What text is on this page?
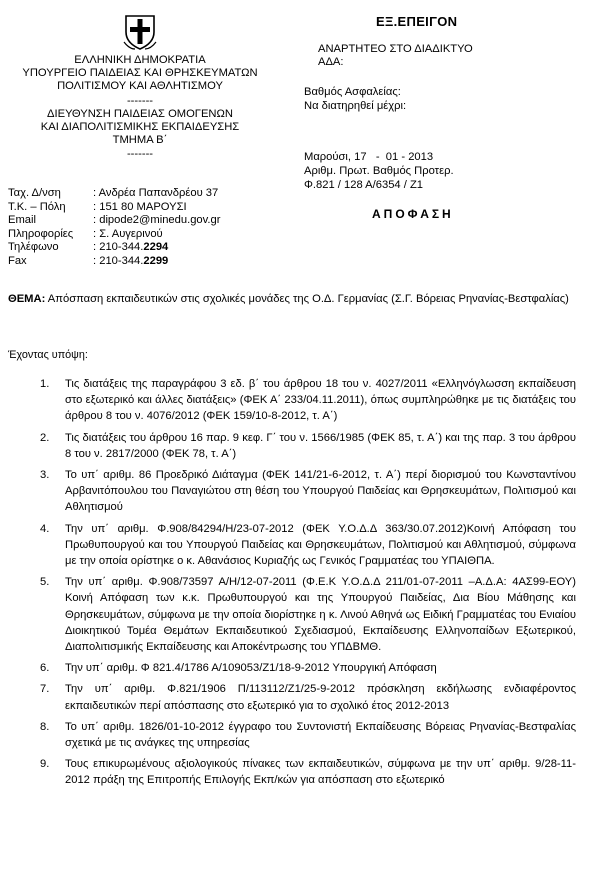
ΕΛΛΗΝΙΚΗ ΔΗΜΟΚΡΑΤΙΑ
ΥΠΟΥΡΓΕΙΟ ΠΑΙΔΕΙΑΣ ΚΑΙ ΘΡΗΣΚΕΥΜΑΤΩΝ
ΠΟΛΙΤΙΣΜΟΥ ΚΑΙ ΑΘΛΗΤΙΣΜΟΥ
-------
ΔΙΕΥΘΥΝΣΗ ΠΑΙΔΕΙΑΣ ΟΜΟΓΕΝΩΝ
ΚΑΙ ΔΙΑΠΟΛΙΤΙΣΜΙΚΗΣ ΕΚΠΑΙΔΕΥΣΗΣ
ΤΜΗΜΑ Β΄
-------
ΕΞ.ΕΠΕΙΓΟΝ
ΑΝΑΡΤΗΤΕΟ ΣΤΟ ΔΙΑΔΙΚΤΥΟ
ΑΔΑ:
Βαθμός Ασφαλείας:
Να διατηρηθεί μέχρι:
Μαρούσι, 17   -  01 - 2013
Αριθμ. Πρωτ. Βαθμός Προτερ.
Φ.821 / 128 Α/6354 / Ζ1
ΑΠΟΦΑΣΗ
Ταχ. Δ/νση	: Ανδρέα Παπανδρέου 37
Τ.Κ. – Πόλη	: 151 80 ΜΑΡΟΥΣΙ
Email	: dipode2@minedu.gov.gr
Πληροφορίες	: Σ. Αυγερινού
Τηλέφωνο	: 210-344.2294
Fax	: 210-344.2299
ΘΕΜΑ: Απόσπαση εκπαιδευτικών στις σχολικές μονάδες της Ο.Δ. Γερμανίας (Σ.Γ. Βόρειας Ρηνανίας-Βεστφαλίας)
Έχοντας υπόψη:
1. Τις διατάξεις της παραγράφου 3 εδ. β΄ του άρθρου 18 του ν. 4027/2011 «Ελληνόγλωσση εκπαίδευση στο εξωτερικό και άλλες διατάξεις» (ΦΕΚ Α΄ 233/04.11.2011), όπως συμπληρώθηκε με τις διατάξεις του άρθρου 8 του ν. 4076/2012 (ΦΕΚ 159/10-8-2012, τ. Α΄)

2. Τις διατάξεις του άρθρου 16 παρ. 9 κεφ. Γ΄ του ν. 1566/1985 (ΦΕΚ 85, τ. Α΄) και της παρ. 3 του άρθρου 8 του ν. 2817/2000 (ΦΕΚ 78, τ. Α΄)

3. Το υπ΄ αριθμ. 86 Προεδρικό Διάταγμα (ΦΕΚ 141/21-6-2012, τ. Α΄) περί διορισμού του Κωνσταντίνου Αρβανιτόπουλου του Παναγιώτου στη θέση του Υπουργού Παιδείας και Θρησκευμάτων, Πολιτισμού και Αθλητισμού

4. Την υπ΄ αριθμ. Φ.908/84294/Η/23-07-2012 (ΦΕΚ Υ.Ο.Δ.Δ 363/30.07.2012)Κοινή Απόφαση του Πρωθυπουργού και του Υπουργού Παιδείας και Θρησκευμάτων, Πολιτισμού και Αθλητισμού, σύμφωνα με την οποία ορίστηκε ο κ. Αθανάσιος Κυριαζής ως Γενικός Γραμματέας του ΥΠΑΙΘΠΑ.

5. Την υπ΄ αριθμ. Φ.908/73597 Α/Η/12-07-2011 (Φ.Ε.Κ Υ.Ο.Δ.Δ 211/01-07-2011 –Α.Δ.Α: 4ΑΣ99-ΕΟΥ) Κοινή Απόφαση των κ.κ. Πρωθυπουργού και της Υπουργού Παιδείας, Δια Βίου Μάθησης και Θρησκευμάτων, σύμφωνα με την οποία διορίστηκε η κ. Λινού Αθηνά ως Ειδική Γραμματέας του Ενιαίου Διοικητικού Τομέα Θεμάτων Εκπαιδευτικού Σχεδιασμού, Εκπαίδευσης Ελληνοπαίδων Εξωτερικού, Διαπολιτισμικής Εκπαίδευσης και Αποκέντρωσης του ΥΠΔΒΜΘ.

6. Την υπ΄ αριθμ. Φ 821.4/1786 Α/109053/Ζ1/18-9-2012 Υπουργική Απόφαση

7. Την υπ΄ αριθμ. Φ.821/1906 Π/113112/Ζ1/25-9-2012 πρόσκληση εκδήλωσης ενδιαφέροντος εκπαιδευτικών περί απόσπασης στο εξωτερικό για το σχολικό έτος 2012-2013

8. Το υπ΄ αριθμ. 1826/01-10-2012 έγγραφο του Συντονιστή Εκπαίδευσης Βόρειας Ρηνανίας-Βεστφαλίας σχετικά με τις ανάγκες της υπηρεσίας

9. Τους επικυρωμένους αξιολογικούς πίνακες των εκπαιδευτικών, σύμφωνα με την υπ΄ αριθμ. 9/28-11-2012 πράξη της Επιτροπής Επιλογής Εκπ/κών για απόσπαση στο εξωτερικό
